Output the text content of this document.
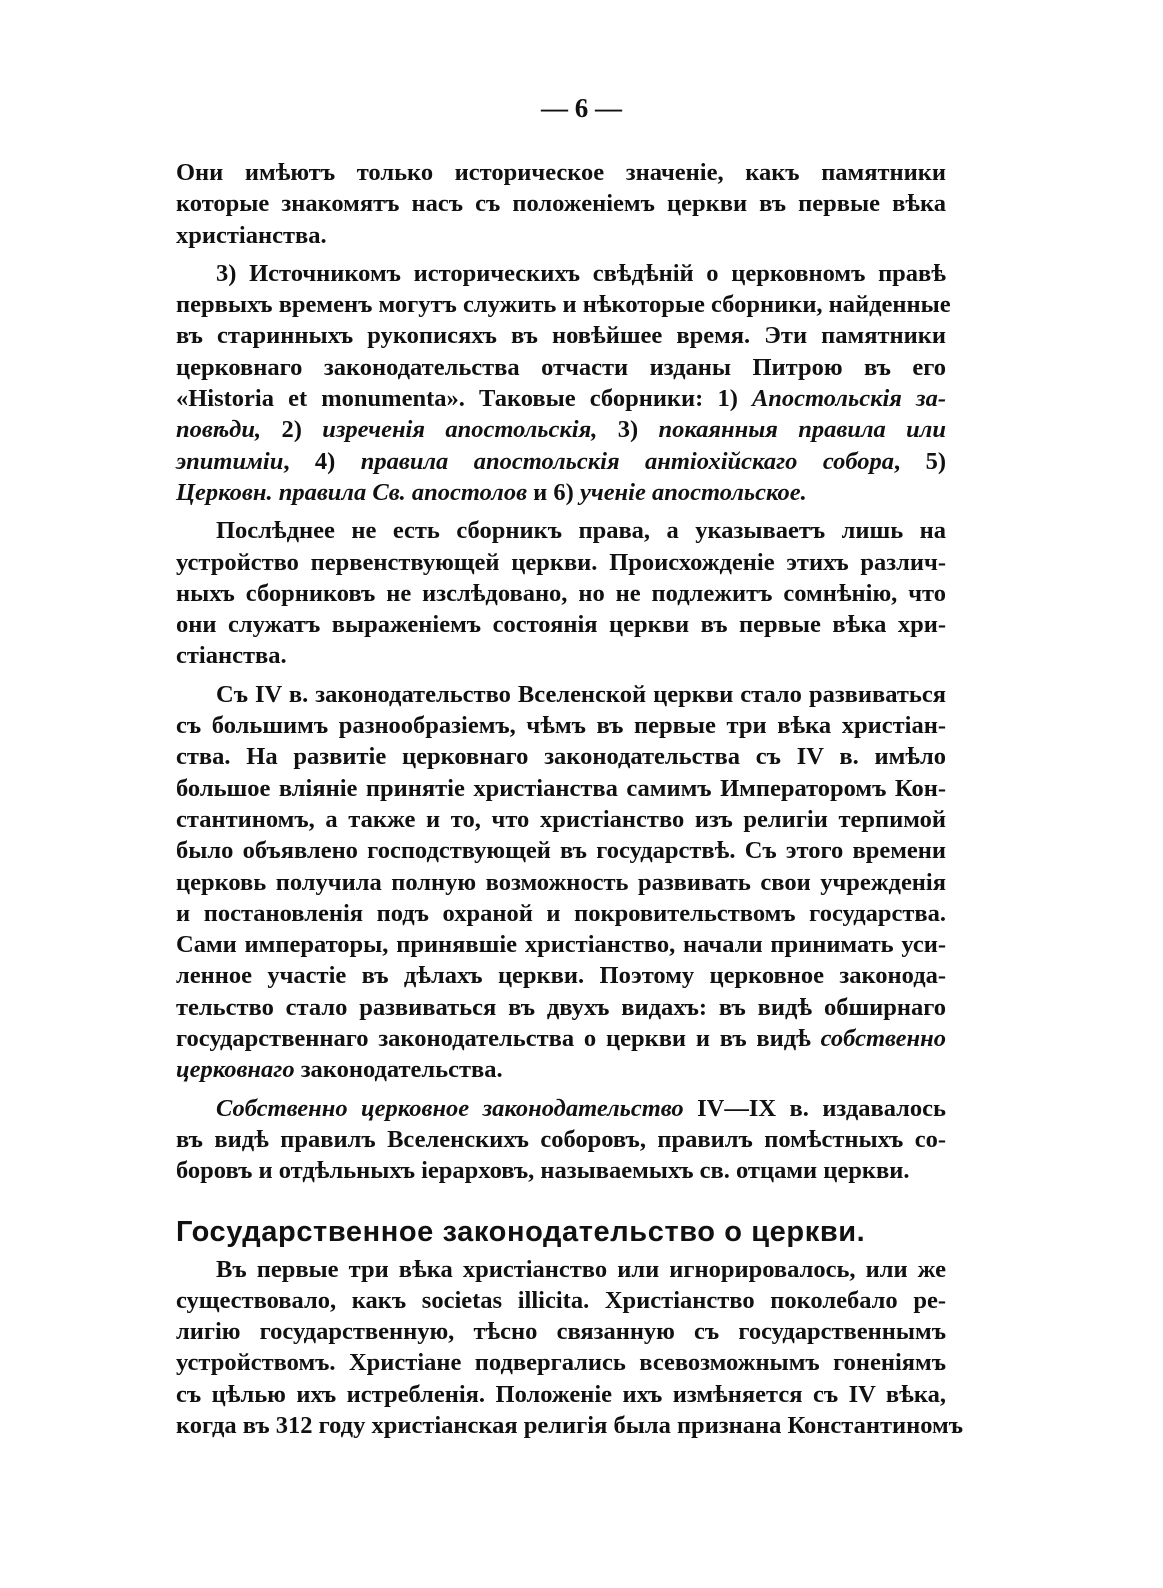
— 6 —
Они имѣютъ только историческое значеніе, какъ памятники
которые знакомятъ насъ съ положеніемъ церкви въ первые вѣка
христіанства.
3) Источникомъ историческихъ свѣдѣній о церковномъ правѣ
первыхъ временъ могутъ служить и нѣкоторые сборники, найденные
въ старинныхъ рукописяхъ въ новѣйшее время. Эти памятники
церковнаго законодательства отчасти изданы Питрою въ его
«Historia et monumenta». Таковые сборники: 1) Апостольскія за-
повѣди, 2) изреченія апостольскія, 3) покаянныя правила или
эпитиміи, 4) правила апостольскія антіохійскаго собора, 5)
Церковн. правила Св. апостолов и 6) ученіе апостольское.
Послѣднее не есть сборникъ права, а указываетъ лишь на
устройство первенствующей церкви. Происхожденіе этихъ различ-
ныхъ сборниковъ не изслѣдовано, но не подлежитъ сомнѣнію, что
они служатъ выраженіемъ состоянія церкви въ первые вѣка хри-
стіанства.
Съ IV в. законодательство Вселенской церкви стало развиваться
съ большимъ разнообразіемъ, чѣмъ въ первые три вѣка христіан-
ства. На развитіе церковнаго законодательства съ IV в. имѣло
большое вліяніе принятіе христіанства самимъ Императоромъ Кон-
стантиномъ, а также и то, что христіанство изъ религіи терпимой
было объявлено господствующей въ государствѣ. Съ этого времени
церковь получила полную возможность развивать свои учрежденія
и постановленія подъ охраной и покровительствомъ государства.
Сами императоры, принявшіе христіанство, начали принимать уси-
ленное участіе въ дѣлахъ церкви. Поэтому церковное законода-
тельство стало развиваться въ двухъ видахъ: въ видѣ обширнаго
государственнаго законодательства о церкви и въ видѣ собственно
церковнаго законодательства.
Собственно церковное законодательство IV—IX в. издавалось
въ видѣ правилъ Вселенскихъ соборовъ, правилъ помѣстныхъ со-
боровъ и отдѣльныхъ іерарховъ, называемыхъ св. отцами церкви.
Государственное законодательство о церкви.
Въ первые три вѣка христіанство или игнорировалось, или же
существовало, какъ societas illicita. Христіанство поколебало ре-
лигію государственную, тѣсно связанную съ государственнымъ
устройствомъ. Христіане подвергались всевозможнымъ гоненіямъ
съ цѣлью ихъ истребленія. Положеніе ихъ измѣняется съ IV вѣка,
когда въ 312 году христіанская религія была признана Константиномъ
